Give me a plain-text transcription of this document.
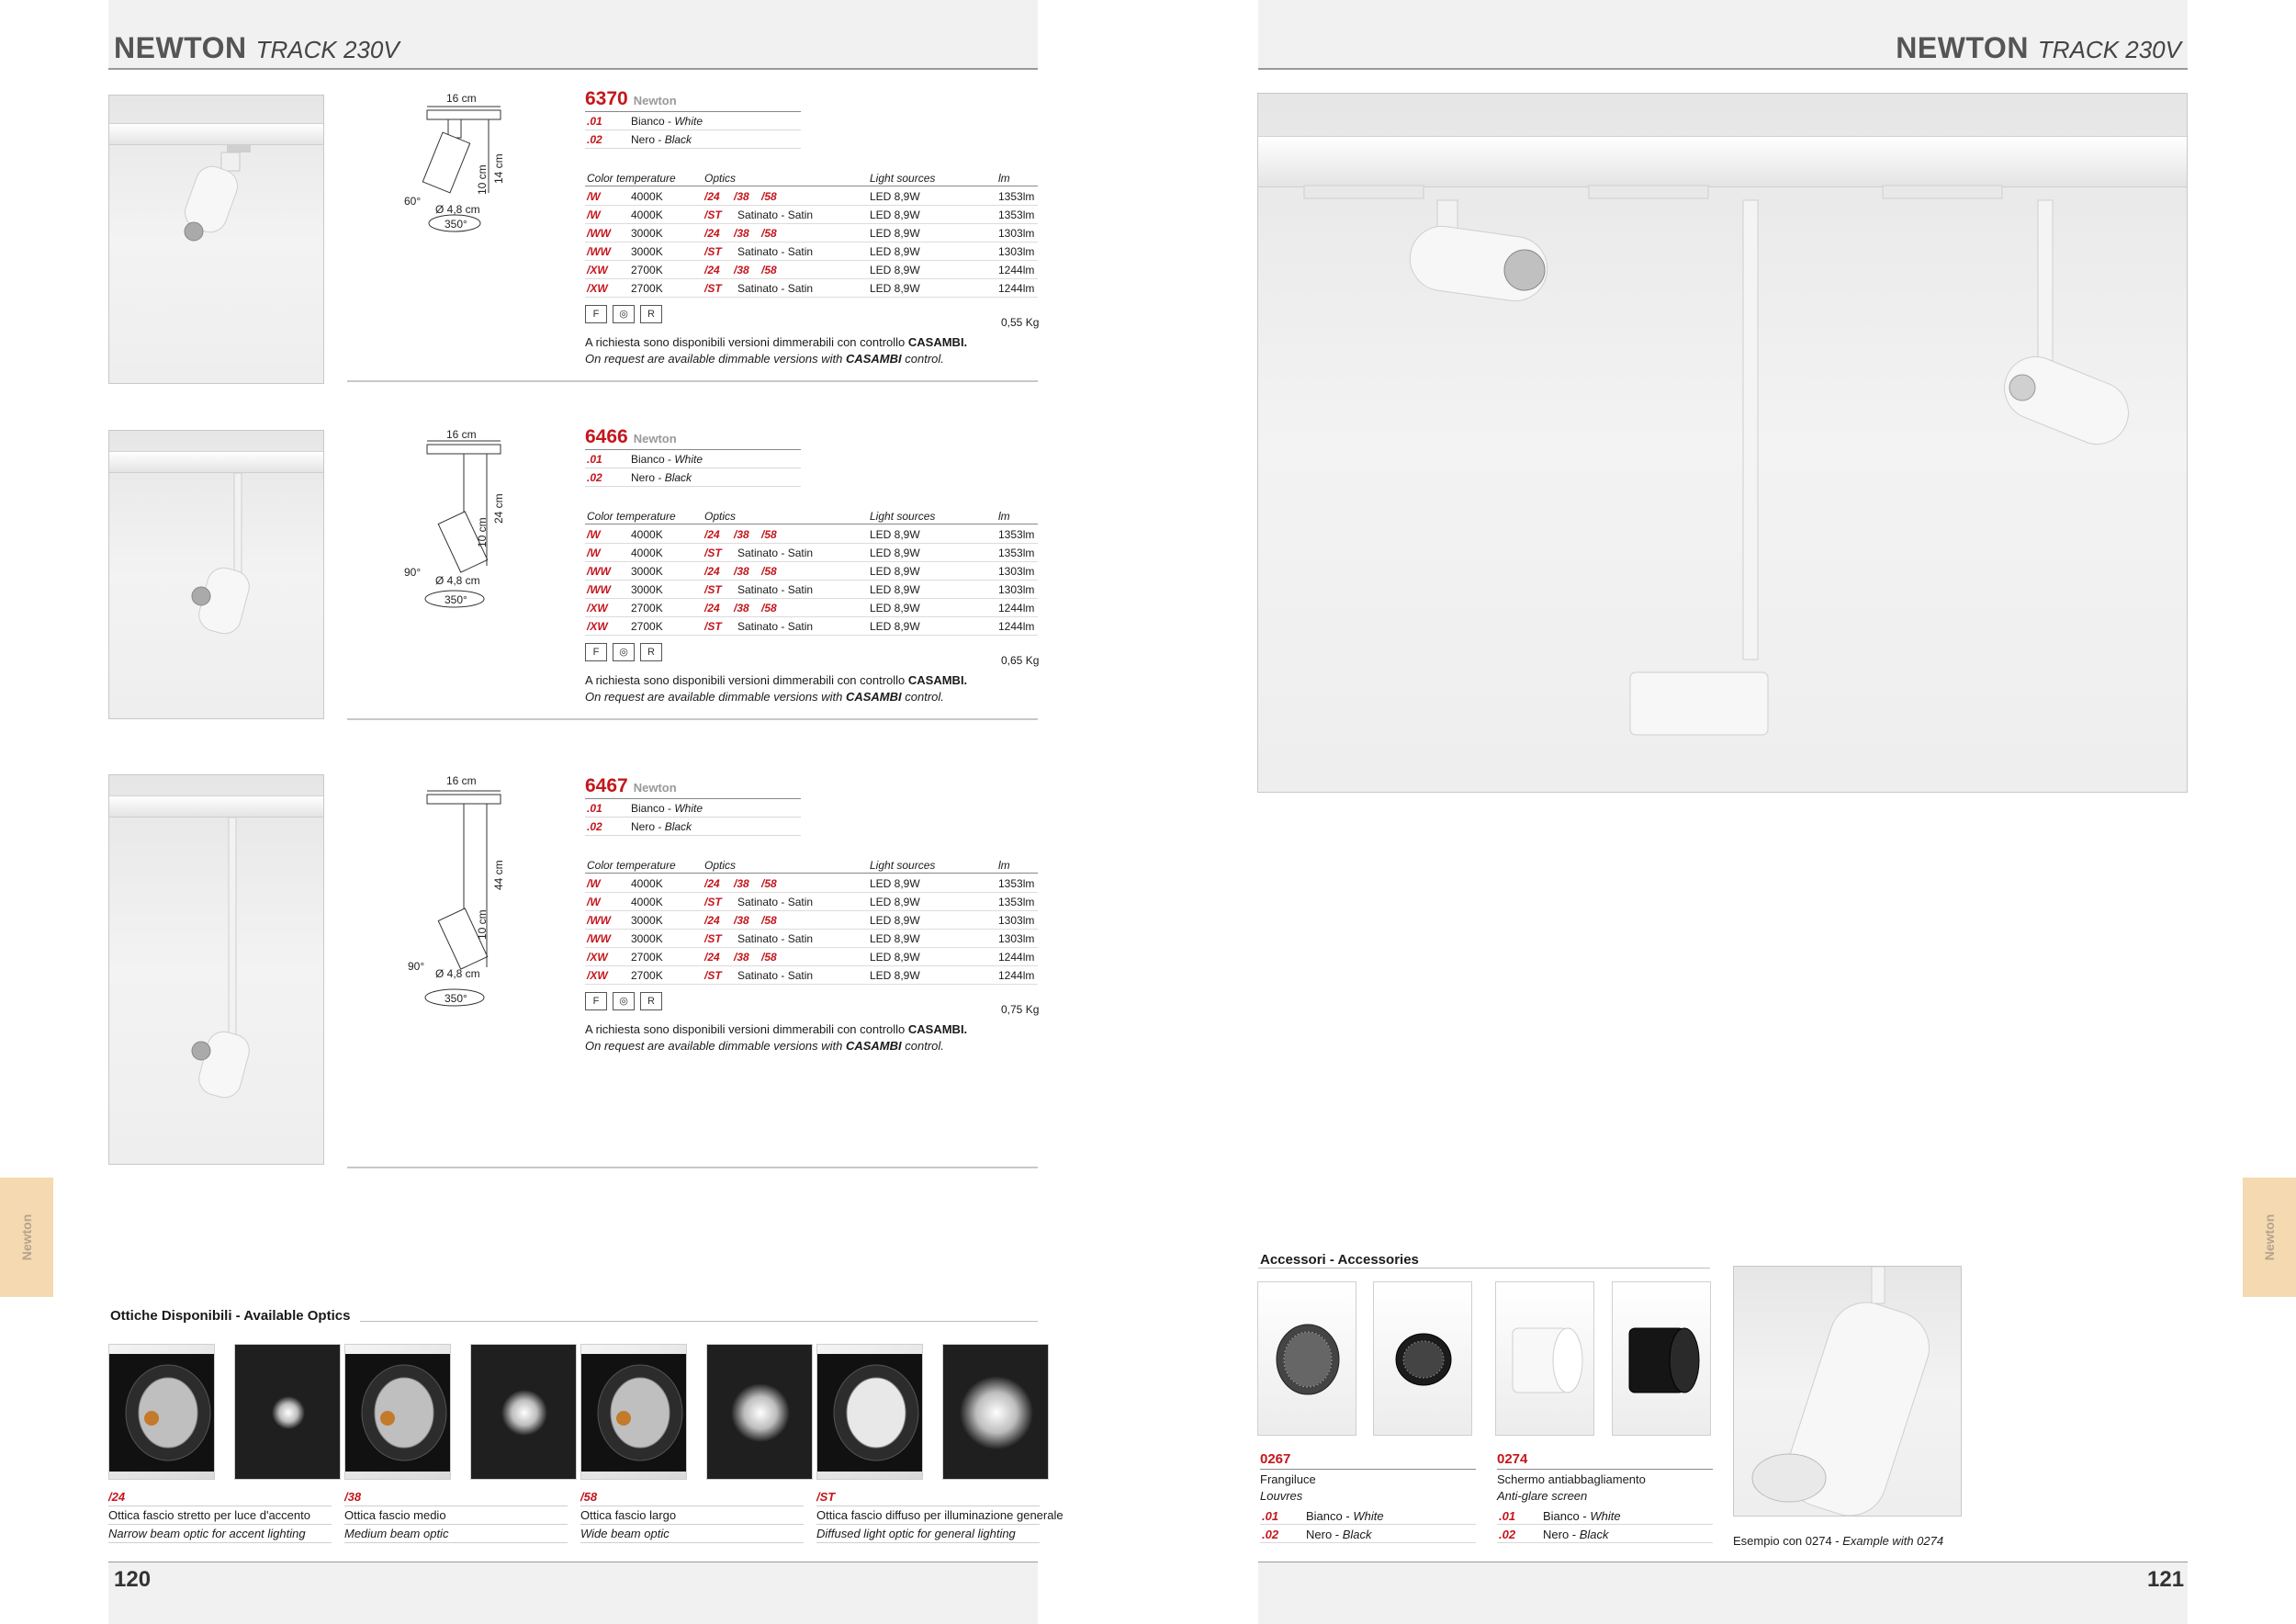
NEWTON TRACK 230V
16 cm
10 cm 14 cm
60°
Ø 4,8 cm
350°
16 cm
10 cm
24 cm
90°
Ø 4,8 cm
350°
16 cm
10 cm
44 cm
90°
Ø 4,8 cm
350°
6370 Newton
.01	Bianco - White
.02	Nero - Black
Color temperature	Optics	Light sources	lm
/W	4000K	/24 /38 /58	LED 8,9W	1353lm
/W	4000K	/ST Satinato - Satin	LED 8,9W	1353lm
/WW 3000K	/24 /38 /58	LED 8,9W	1303lm
/WW 3000K	/ST Satinato - Satin	LED 8,9W	1303lm
/XW 2700K	/24 /38 /58	LED 8,9W	1244lm
/XW 2700K	/ST Satinato - Satin	LED 8,9W	1244lm
F ◎ R
0,55 Kg
A richiesta sono disponibili versioni dimmerabili con controllo CASAMBI.
On request are available dimmable versions with CASAMBI control.
6466 Newton
.01	Bianco - White
.02	Nero - Black
Color temperature	Optics	Light sources	lm
/W	4000K	/24 /38 /58	LED 8,9W	1353lm
/W	4000K	/ST Satinato - Satin	LED 8,9W	1353lm
/WW 3000K	/24 /38 /58	LED 8,9W	1303lm
/WW 3000K	/ST Satinato - Satin	LED 8,9W	1303lm
/XW 2700K	/24 /38 /58	LED 8,9W	1244lm
/XW 2700K	/ST Satinato - Satin	LED 8,9W	1244lm
F ◎ R
0,65 Kg
A richiesta sono disponibili versioni dimmerabili con controllo CASAMBI.
On request are available dimmable versions with CASAMBI control.
6467 Newton
.01	Bianco - White
.02	Nero - Black
Color temperature	Optics	Light sources	lm
/W	4000K	/24 /38 /58	LED 8,9W	1353lm
/W	4000K	/ST Satinato - Satin	LED 8,9W	1353lm
/WW 3000K	/24 /38 /58	LED 8,9W	1303lm
/WW 3000K	/ST Satinato - Satin	LED 8,9W	1303lm
/XW 2700K	/24 /38 /58	LED 8,9W	1244lm
/XW 2700K	/ST Satinato - Satin	LED 8,9W	1244lm
F ◎ R
0,75 Kg
A richiesta sono disponibili versioni dimmerabili con controllo CASAMBI.
On request are available dimmable versions with CASAMBI control.
Newton
Ottiche Disponibili - Available Optics
/24
Ottica fascio stretto per luce d'accento
Narrow beam optic for accent lighting
/38
Ottica fascio medio
Medium beam optic
/58
Ottica fascio largo
Wide beam optic
/ST
Ottica fascio diffuso per illuminazione generale
Diffused light optic for general lighting
120
NEWTON TRACK 230V
Newton
Accessori - Accessories
0267
Frangiluce
Louvres
.01 Bianco - White
.02 Nero - Black
0274
Schermo antiabbagliamento
Anti-glare screen
.01 Bianco - White
.02 Nero - Black	Esempio con 0274 - Example with 0274
121
